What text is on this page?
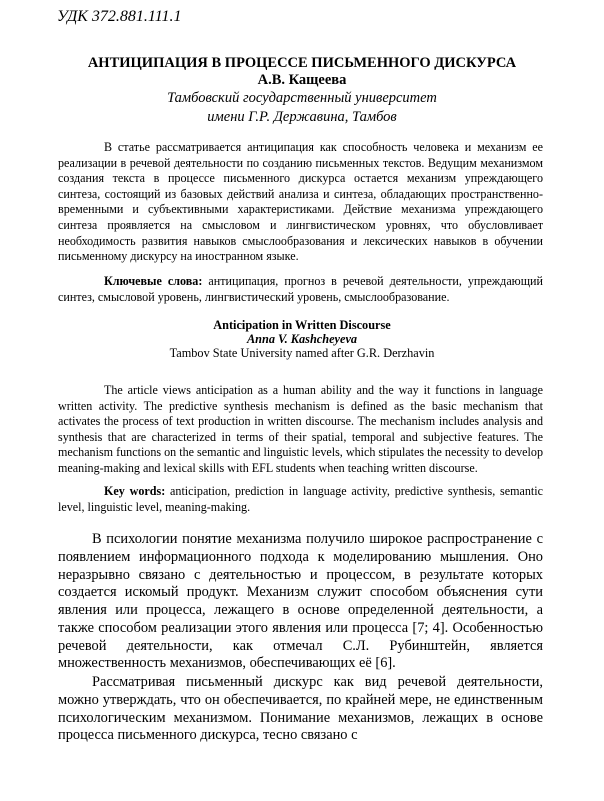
УДК 372.881.111.1
АНТИЦИПАЦИЯ В ПРОЦЕССЕ ПИСЬМЕННОГО ДИСКУРСА
А.В. Кащеева
Тамбовский государственный университет
имени Г.Р. Державина, Тамбов

В статье рассматривается антиципация как способность человека и механизм ее реализации в речевой деятельности по созданию письменных текстов. Ведущим механизмом создания текста в процессе письменного дискурса остается механизм упреждающего синтеза, состоящий из базовых действий анализа и синтеза, обладающих пространственно-временными и субъективными характеристиками. Действие механизма упреждающего синтеза проявляется на смысловом и лингвистическом уровнях, что обусловливает необходимость развития навыков смыслообразования и лексических навыков в обучении письменному дискурсу на иностранном языке.

Ключевые слова: антиципация, прогноз в речевой деятельности, упреждающий синтез, смысловой уровень, лингвистический уровень, смыслообразование.

Anticipation in Written Discourse
Anna V. Kashcheyeva
Tambov State University named after G.R. Derzhavin

The article views anticipation as a human ability and the way it functions in language written activity. The predictive synthesis mechanism is defined as the basic mechanism that activates the process of text production in written discourse. The mechanism includes analysis and synthesis that are characterized in terms of their spatial, temporal and subjective features. The mechanism functions on the semantic and linguistic levels, which stipulates the necessity to develop meaning-making and lexical skills with EFL students when teaching written discourse.

Key words: anticipation, prediction in language activity, predictive synthesis, semantic level, linguistic level, meaning-making.

В психологии понятие механизма получило широкое распространение с появлением информационного подхода к моделированию мышления. Оно неразрывно связано с деятельностью и процессом, в результате которых создается искомый продукт. Механизм служит способом объяснения сути явления или процесса, лежащего в основе определенной деятельности, а также способом реализации этого явления или процесса [7; 4]. Особенностью речевой деятельности, как отмечал С.Л. Рубинштейн, является множественность механизмов, обеспечивающих её [6].

Рассматривая письменный дискурс как вид речевой деятельности, можно утверждать, что он обеспечивается, по крайней мере, не единственным психологическим механизмом. Понимание механизмов, лежащих в основе процесса письменного дискурса, тесно связано с
